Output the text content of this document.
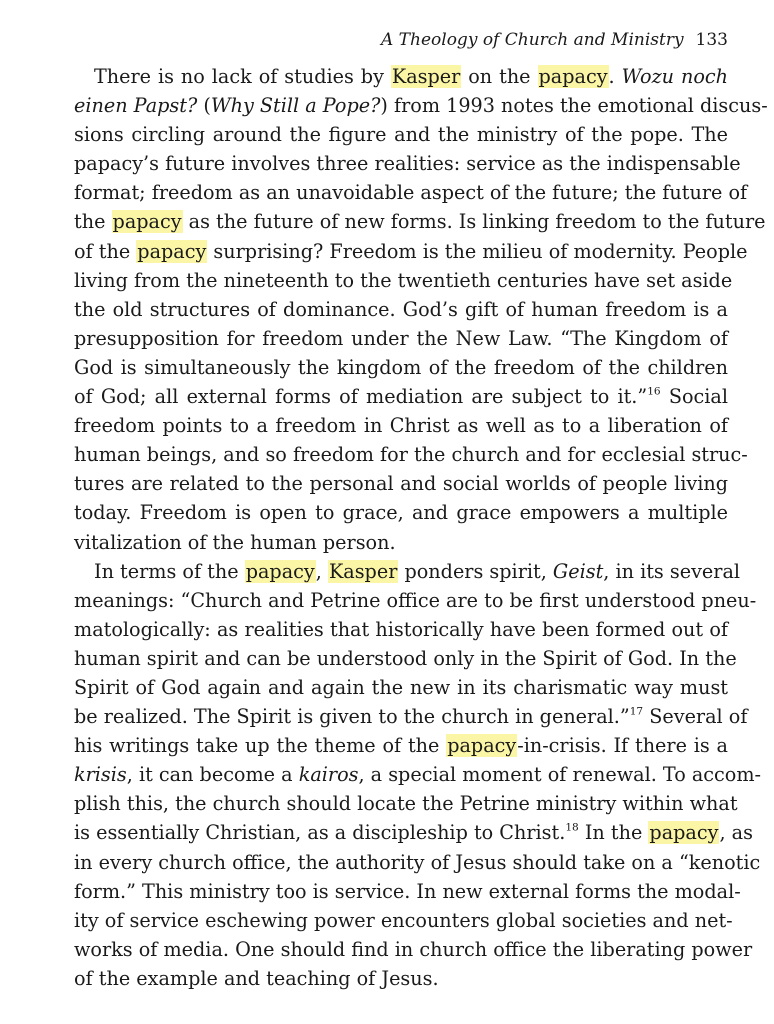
A Theology of Church and Ministry 133
There is no lack of studies by Kasper on the papacy. Wozu noch
einen Papst? (Why Still a Pope?) from 1993 notes the emotional discus-
sions circling around the figure and the ministry of the pope. The
papacy’s future involves three realities: service as the indispensable
format; freedom as an unavoidable aspect of the future; the future of
the papacy as the future of new forms. Is linking freedom to the future
of the papacy surprising? Freedom is the milieu of modernity. People
living from the nineteenth to the twentieth centuries have set aside
the old structures of dominance. God’s gift of human freedom is a
presupposition for freedom under the New Law. “The Kingdom of
God is simultaneously the kingdom of the freedom of the children
of God; all external forms of mediation are subject to it.”$^{16}$ Social
freedom points to a freedom in Christ as well as to a liberation of
human beings, and so freedom for the church and for ecclesial struc-
tures are related to the personal and social worlds of people living
today. Freedom is open to grace, and grace empowers a multiple
vitalization of the human person.
In terms of the papacy, Kasper ponders spirit, Geist, in its several
meanings: “Church and Petrine office are to be first understood pneu-
matologically: as realities that historically have been formed out of
human spirit and can be understood only in the Spirit of God. In the
Spirit of God again and again the new in its charismatic way must
be realized. The Spirit is given to the church in general.”$^{17}$ Several of
his writings take up the theme of the papacy-in-crisis. If there is a
krisis, it can become a kairos, a special moment of renewal. To accom-
plish this, the church should locate the Petrine ministry within what
is essentially Christian, as a discipleship to Christ.$^{18}$ In the papacy, as
in every church office, the authority of Jesus should take on a “kenotic
form.” This ministry too is service. In new external forms the modal-
ity of service eschewing power encounters global societies and net-
works of media. One should find in church office the liberating power
of the example and teaching of Jesus.
